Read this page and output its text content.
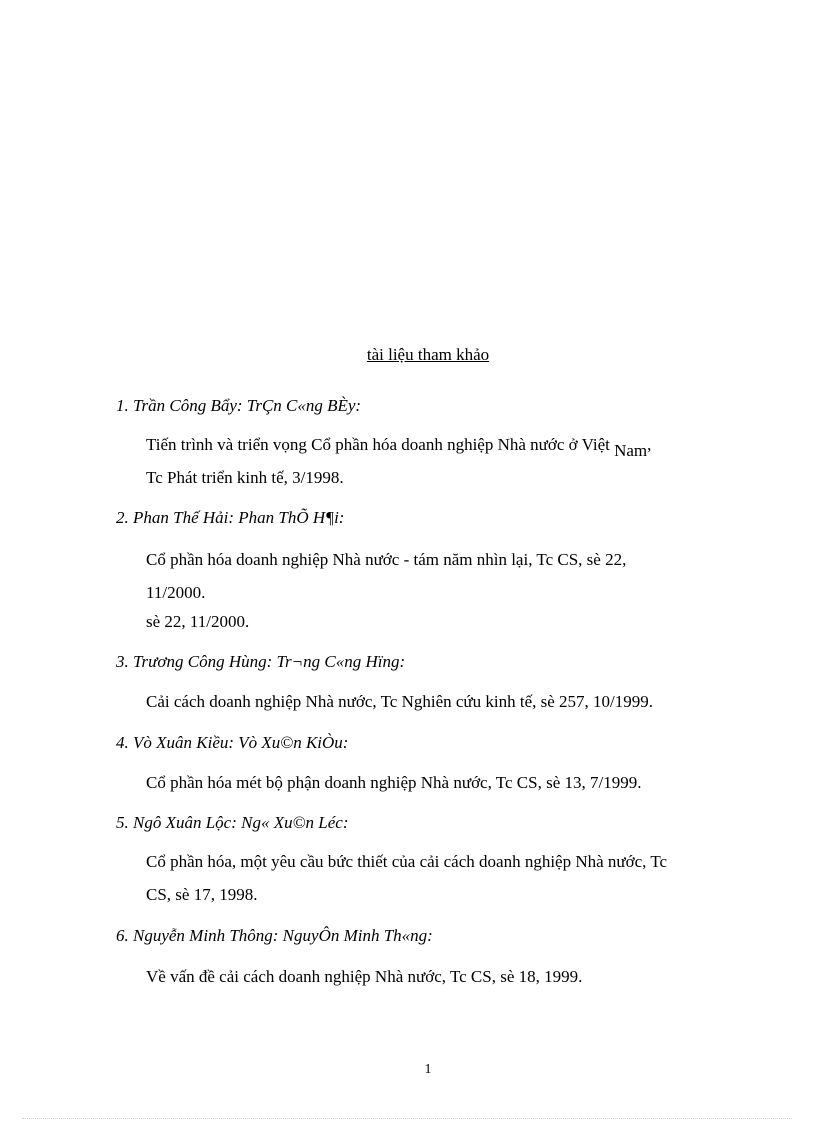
tài liệu tham khảo
1. Trần Công Bẩy: TrÇn C«ng BÈy:
Tiến trình và triển vọng Cổ phần hóa doanh nghiệp Nhà nước ở Việt Nam,
Tc Phát triển kinh tế, 3/1998.
2. Phan Thế Hải: Phan ThÕ H¶i:
Cổ phần hóa doanh nghiệp Nhà nước - tám năm nhìn lại, Tc CS, sè 22,
11/2000.
sè 22, 11/2000.
3. Trương Công Hùng: Tr¬ng C«ng Hïng:
Cải cách doanh nghiệp Nhà nước, Tc Nghiên cứu kinh tế, sè 257, 10/1999.
4. Vò Xuân Kiều: Vò Xu©n KiÒu:
Cổ phần hóa mét bộ phận doanh nghiệp Nhà nước, Tc CS, sè 13, 7/1999.
5. Ngô Xuân Lộc: Ng« Xu©n Léc:
Cổ phần hóa, một yêu cầu bức thiết của cải cách doanh nghiệp Nhà nước, Tc
CS, sè 17, 1998.
6. Nguyễn Minh Thông: NguyÔn Minh Th«ng:
Về vấn đề cải cách doanh nghiệp Nhà nước, Tc CS, sè 18, 1999.
1
